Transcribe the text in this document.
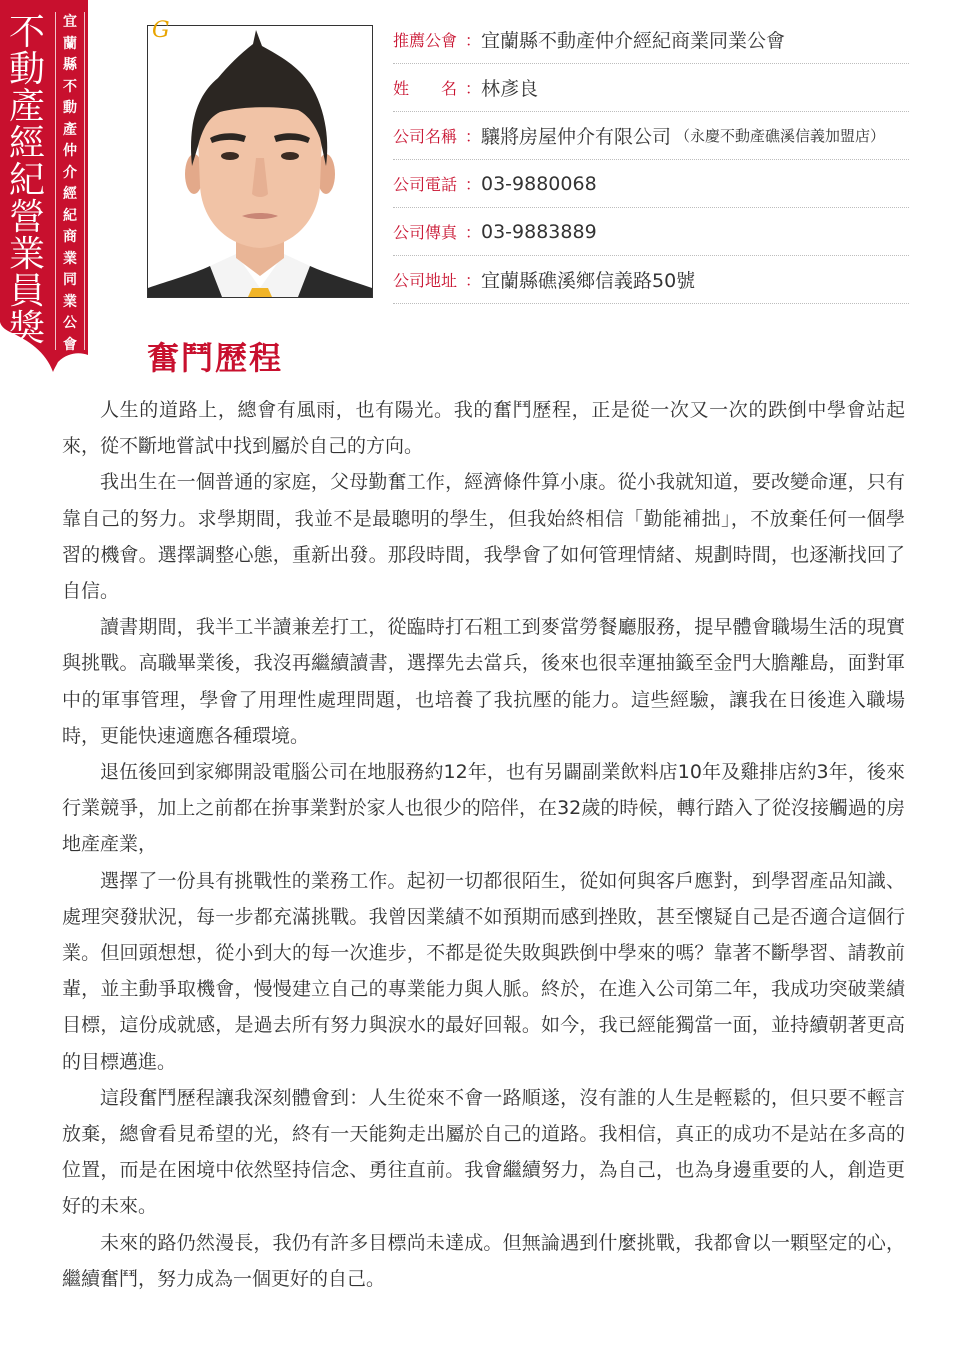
不
動
產
經
紀
營
業
員
獎
宜
蘭
縣
不
動
產
仲
介
經
紀
商
業
同
業
公
會
G	推薦公會 ： 宜蘭縣不動產仲介經紀商業同業公會
姓　　名 ： 林彥良
公司名稱 ： 驤將房屋仲介有限公司 （永慶不動產礁溪信義加盟店）
公司電話 ： 03-9880068
公司傳真 ： 03-9883889
公司地址 ： 宜蘭縣礁溪鄉信義路50號
奮鬥歷程

人生的道路上，總會有風雨，也有陽光。我的奮鬥歷程，正是從一次又一次的跌倒中學會站起來，從不斷地嘗試中找到屬於自己的方向。

我出生在一個普通的家庭，父母勤奮工作，經濟條件算小康。從小我就知道，要改變命運，只有靠自己的努力。求學期間，我並不是最聰明的學生，但我始終相信「勤能補拙」，不放棄任何一個學習的機會。選擇調整心態，重新出發。那段時間，我學會了如何管理情緒、規劃時間，也逐漸找回了自信。

讀書期間，我半工半讀兼差打工，從臨時打石粗工到麥當勞餐廳服務，提早體會職場生活的現實與挑戰。高職畢業後，我沒再繼續讀書，選擇先去當兵，後來也很幸運抽籤至金門大膽離島，面對軍中的軍事管理，學會了用理性處理問題，也培養了我抗壓的能力。這些經驗，讓我在日後進入職場時，更能快速適應各種環境。

退伍後回到家鄉開設電腦公司在地服務約12年，也有另闢副業飲料店10年及雞排店約3年，後來行業競爭，加上之前都在拚事業對於家人也很少的陪伴，在32歲的時候，轉行踏入了從沒接觸過的房地產產業，

選擇了一份具有挑戰性的業務工作。起初一切都很陌生，從如何與客戶應對，到學習產品知識、處理突發狀況，每一步都充滿挑戰。我曾因業績不如預期而感到挫敗，甚至懷疑自己是否適合這個行業。但回頭想想，從小到大的每一次進步，不都是從失敗與跌倒中學來的嗎？靠著不斷學習、請教前輩，並主動爭取機會，慢慢建立自己的專業能力與人脈。終於，在進入公司第二年，我成功突破業績目標，這份成就感，是過去所有努力與淚水的最好回報。如今，我已經能獨當一面，並持續朝著更高的目標邁進。

這段奮鬥歷程讓我深刻體會到：人生從來不會一路順遂，沒有誰的人生是輕鬆的，但只要不輕言放棄，總會看見希望的光，終有一天能夠走出屬於自己的道路。我相信，真正的成功不是站在多高的位置，而是在困境中依然堅持信念、勇往直前。我會繼續努力，為自己，也為身邊重要的人，創造更好的未來。

未來的路仍然漫長，我仍有許多目標尚未達成。但無論遇到什麼挑戰，我都會以一顆堅定的心，繼續奮鬥，努力成為一個更好的自己。
